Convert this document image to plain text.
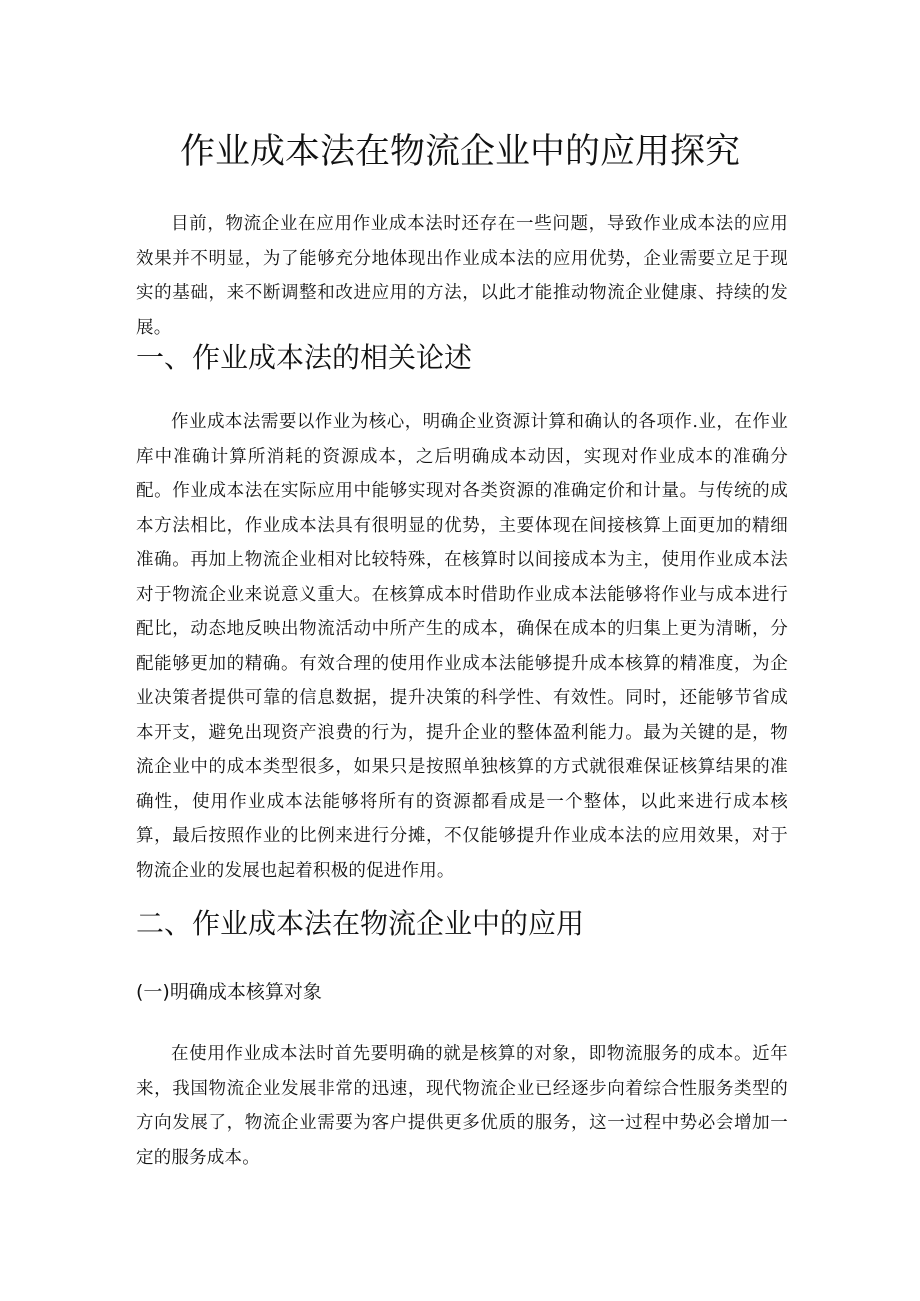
作业成本法在物流企业中的应用探究

目前，物流企业在应用作业成本法时还存在一些问题，导致作业成本法的应用效果并不明显，为了能够充分地体现出作业成本法的应用优势，企业需要立足于现实的基础，来不断调整和改进应用的方法，以此才能推动物流企业健康、持续的发展。

一、作业成本法的相关论述

作业成本法需要以作业为核心，明确企业资源计算和确认的各项作.业，在作业库中准确计算所消耗的资源成本，之后明确成本动因，实现对作业成本的准确分配。作业成本法在实际应用中能够实现对各类资源的准确定价和计量。与传统的成本方法相比，作业成本法具有很明显的优势，主要体现在间接核算上面更加的精细准确。再加上物流企业相对比较特殊，在核算时以间接成本为主，使用作业成本法对于物流企业来说意义重大。在核算成本时借助作业成本法能够将作业与成本进行配比，动态地反映出物流活动中所产生的成本，确保在成本的归集上更为清晰，分配能够更加的精确。有效合理的使用作业成本法能够提升成本核算的精准度，为企业决策者提供可靠的信息数据，提升决策的科学性、有效性。同时，还能够节省成本开支，避免出现资产浪费的行为，提升企业的整体盈利能力。最为关键的是，物流企业中的成本类型很多，如果只是按照单独核算的方式就很难保证核算结果的准确性，使用作业成本法能够将所有的资源都看成是一个整体，以此来进行成本核算，最后按照作业的比例来进行分摊，不仅能够提升作业成本法的应用效果，对于物流企业的发展也起着积极的促进作用。

二、作业成本法在物流企业中的应用
(一)明确成本核算对象

在使用作业成本法时首先要明确的就是核算的对象，即物流服务的成本。近年来，我国物流企业发展非常的迅速，现代物流企业已经逐步向着综合性服务类型的方向发展了，物流企业需要为客户提供更多优质的服务，这一过程中势必会增加一定的服务成本。
